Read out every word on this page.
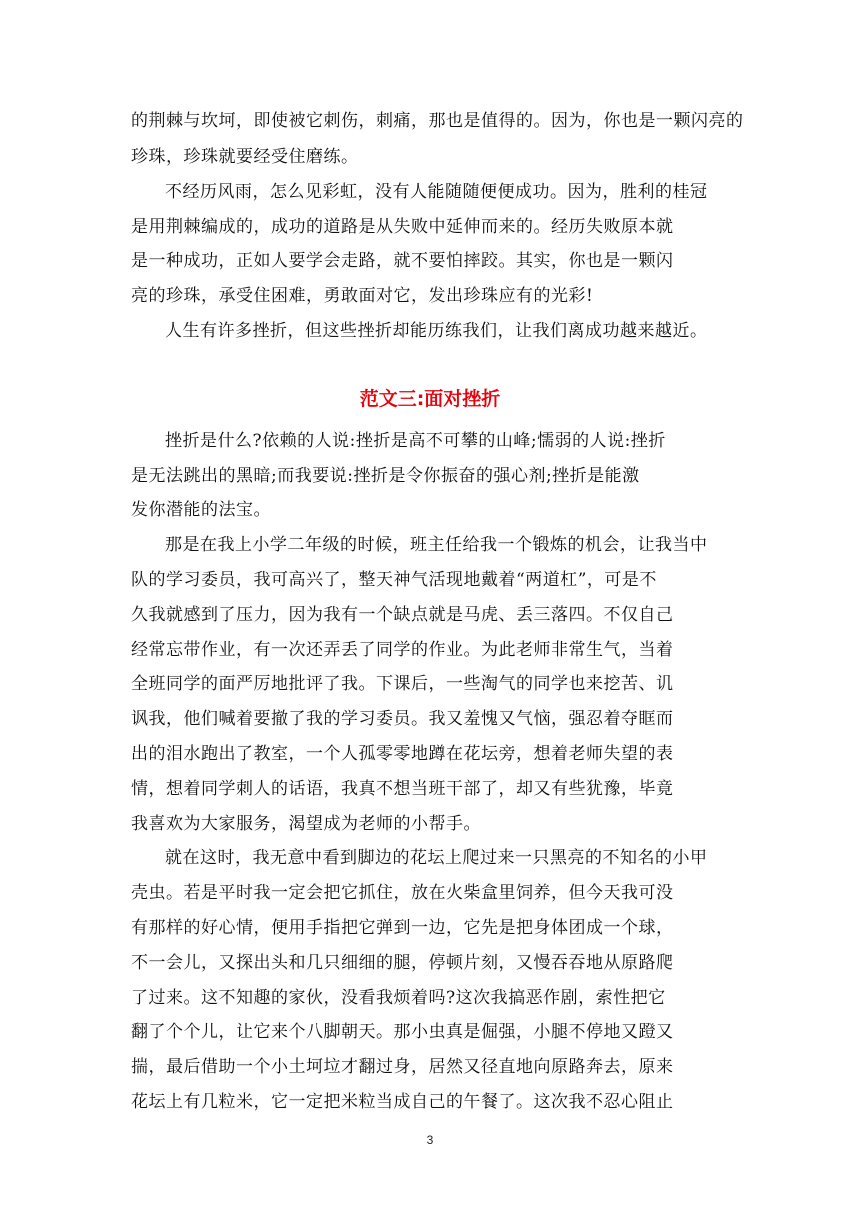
的荆棘与坎坷，即使被它刺伤，刺痛，那也是值得的。因为，你也是一颗闪亮的
珍珠，珍珠就要经受住磨练。
不经历风雨，怎么见彩虹，没有人能随随便便成功。因为，胜利的桂冠
是用荆棘编成的，成功的道路是从失败中延伸而来的。经历失败原本就
是一种成功，正如人要学会走路，就不要怕摔跤。其实，你也是一颗闪
亮的珍珠，承受住困难，勇敢面对它，发出珍珠应有的光彩!
人生有许多挫折，但这些挫折却能历练我们，让我们离成功越来越近。
范文三:面对挫折
挫折是什么?依赖的人说:挫折是高不可攀的山峰;懦弱的人说:挫折
是无法跳出的黑暗;而我要说:挫折是令你振奋的强心剂;挫折是能激
发你潜能的法宝。
那是在我上小学二年级的时候，班主任给我一个锻炼的机会，让我当中
队的学习委员，我可高兴了，整天神气活现地戴着“两道杠”，可是不
久我就感到了压力，因为我有一个缺点就是马虎、丢三落四。不仅自己
经常忘带作业，有一次还弄丢了同学的作业。为此老师非常生气，当着
全班同学的面严厉地批评了我。下课后，一些淘气的同学也来挖苦、讥
讽我，他们喊着要撤了我的学习委员。我又羞愧又气恼，强忍着夺眶而
出的泪水跑出了教室，一个人孤零零地蹲在花坛旁，想着老师失望的表
情，想着同学刺人的话语，我真不想当班干部了，却又有些犹豫，毕竟
我喜欢为大家服务，渴望成为老师的小帮手。
就在这时，我无意中看到脚边的花坛上爬过来一只黑亮的不知名的小甲
壳虫。若是平时我一定会把它抓住，放在火柴盒里饲养，但今天我可没
有那样的好心情，便用手指把它弹到一边，它先是把身体团成一个球，
不一会儿，又探出头和几只细细的腿，停顿片刻，又慢吞吞地从原路爬
了过来。这不知趣的家伙，没看我烦着吗?这次我搞恶作剧，索性把它
翻了个个儿，让它来个八脚朝天。那小虫真是倔强，小腿不停地又蹬又
揣，最后借助一个小土坷垃才翻过身，居然又径直地向原路奔去，原来
花坛上有几粒米，它一定把米粒当成自己的午餐了。这次我不忍心阻止
3
